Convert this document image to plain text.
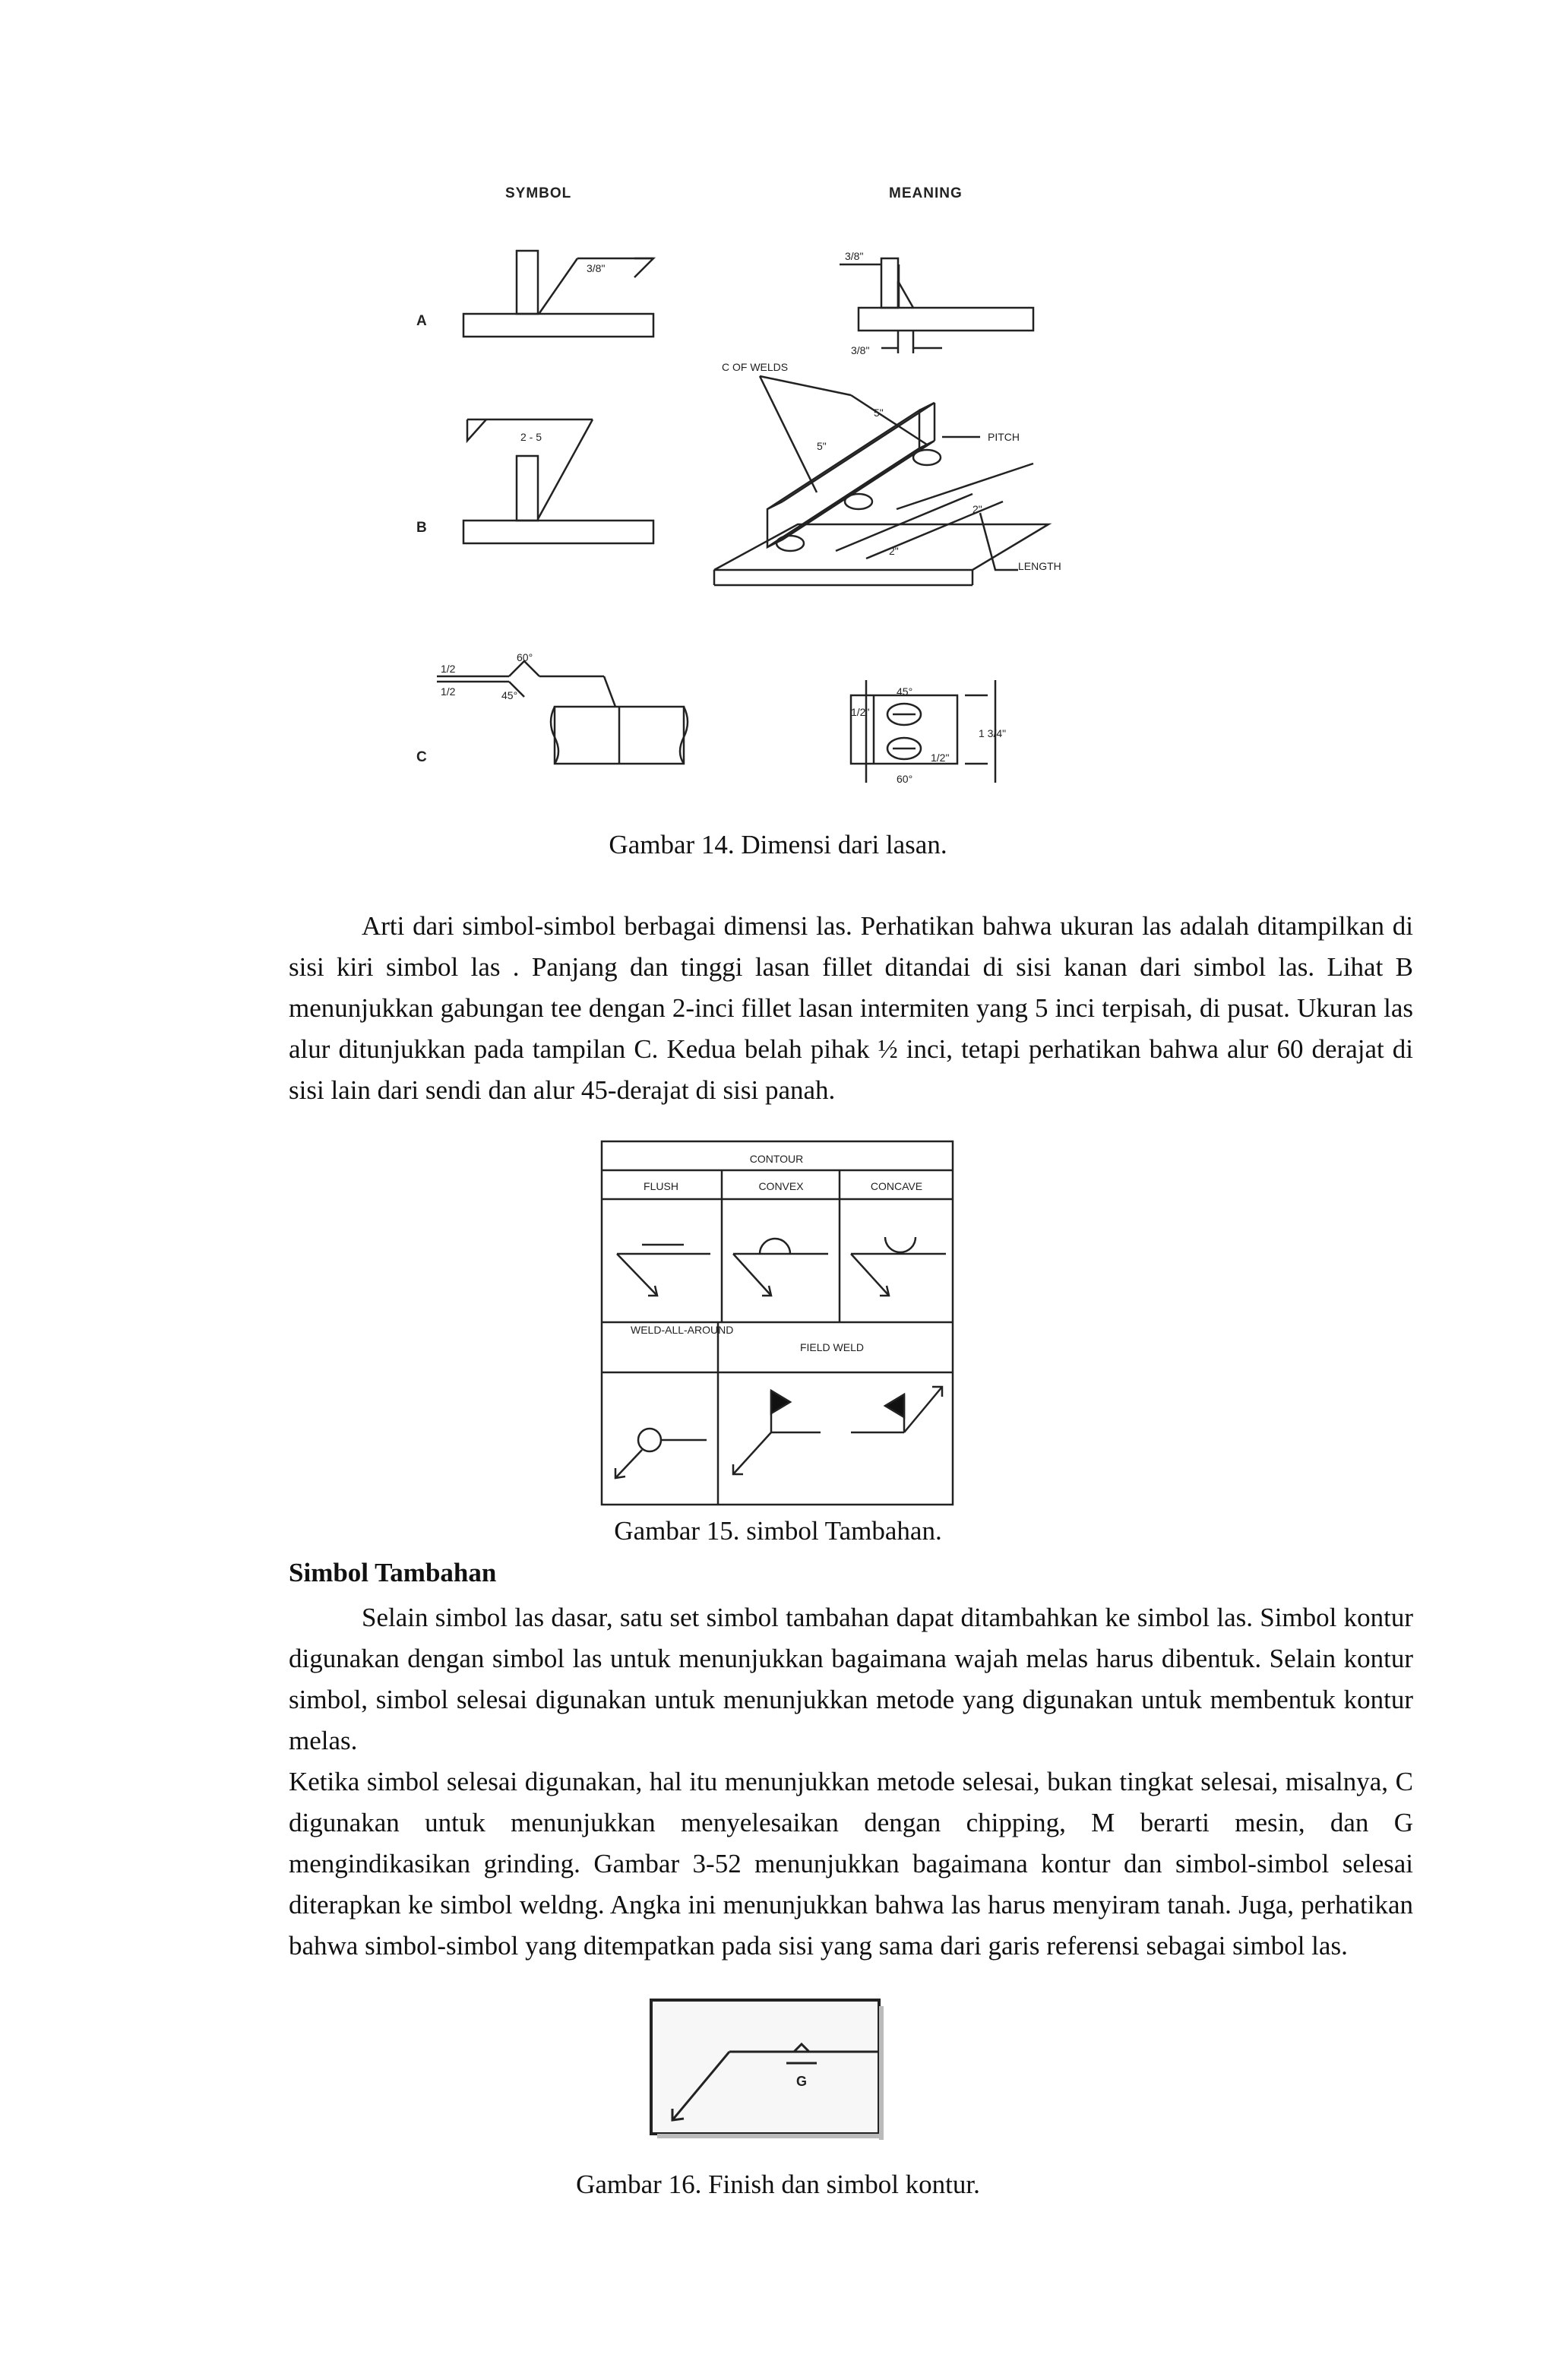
SYMBOL	MEANING
A
3/8"
3/8"
3/8"
B
2 - 5
C OF WELDS
5"
5"
PITCH
2"
2"
LENGTH
C
1/2
1/2
60°
45°	45°
60°
1/2"
1/2"
1 3/4"
Gambar 14. Dimensi dari lasan.
Arti dari simbol-simbol berbagai dimensi las. Perhatikan bahwa ukuran las adalah ditampilkan di sisi kiri simbol las . Panjang dan tinggi lasan fillet ditandai di sisi kanan dari simbol las. Lihat B menunjukkan gabungan tee dengan 2-inci fillet lasan intermiten yang 5 inci terpisah, di pusat. Ukuran las alur ditunjukkan pada tampilan C. Kedua belah pihak ½ inci, tetapi perhatikan bahwa alur 60 derajat di sisi lain dari sendi dan alur 45-derajat di sisi panah.
CONTOUR
FLUSH	CONVEX	CONCAVE
WELD-ALL-AROUND
FIELD WELD
Gambar 15. simbol Tambahan.
Simbol Tambahan
Selain simbol las dasar, satu set simbol tambahan dapat ditambahkan ke simbol las. Simbol kontur digunakan dengan simbol las untuk menunjukkan bagaimana wajah melas harus dibentuk. Selain kontur simbol, simbol selesai digunakan untuk menunjukkan metode yang digunakan untuk membentuk kontur melas.
Ketika simbol selesai digunakan, hal itu menunjukkan metode selesai, bukan tingkat selesai, misalnya, C digunakan untuk menunjukkan menyelesaikan dengan chipping, M berarti mesin, dan G mengindikasikan grinding. Gambar 3-52 menunjukkan bagaimana kontur dan simbol-simbol selesai diterapkan ke simbol weldng. Angka ini menunjukkan bahwa las harus menyiram tanah. Juga, perhatikan bahwa simbol-simbol yang ditempatkan pada sisi yang sama dari garis referensi sebagai simbol las.
G
Gambar 16. Finish dan simbol kontur.
